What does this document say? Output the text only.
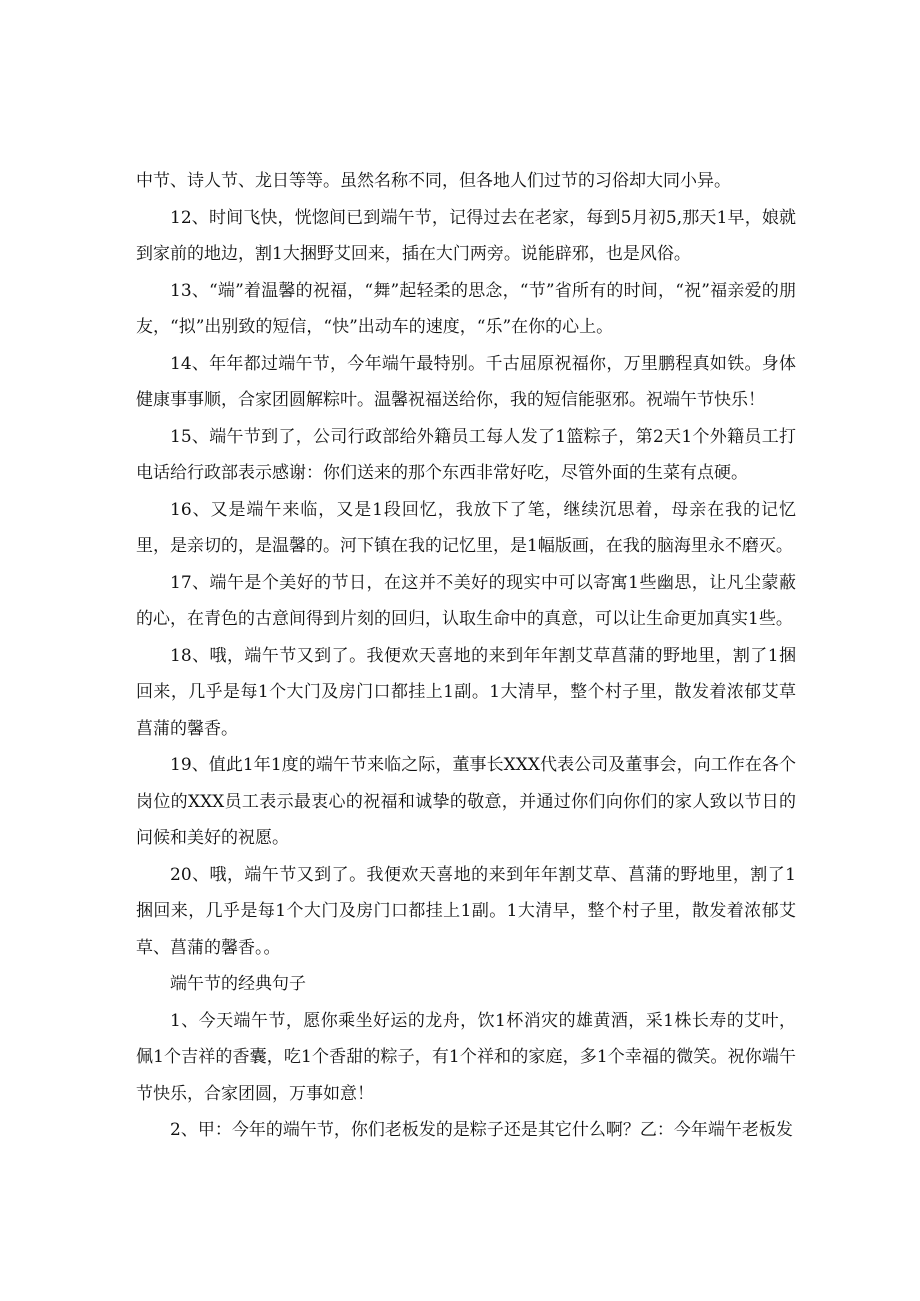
中节、诗人节、龙日等等。虽然名称不同，但各地人们过节的习俗却大同小异。

12、时间飞快，恍惚间已到端午节，记得过去在老家，每到5月初5,那天1早，娘就到家前的地边，割1大捆野艾回来，插在大门两旁。说能辟邪，也是风俗。

13、“端”着温馨的祝福，“舞”起轻柔的思念，“节”省所有的时间，“祝”福亲爱的朋友，“拟”出别致的短信，“快”出动车的速度，“乐”在你的心上。

14、年年都过端午节，今年端午最特别。千古屈原祝福你，万里鹏程真如铁。身体健康事事顺，合家团圆解粽叶。温馨祝福送给你，我的短信能驱邪。祝端午节快乐！

15、端午节到了，公司行政部给外籍员工每人发了1篮粽子，第2天1个外籍员工打电话给行政部表示感谢：你们送来的那个东西非常好吃，尽管外面的生菜有点硬。

16、又是端午来临，又是1段回忆，我放下了笔，继续沉思着，母亲在我的记忆里，是亲切的，是温馨的。河下镇在我的记忆里，是1幅版画，在我的脑海里永不磨灭。

17、端午是个美好的节日，在这并不美好的现实中可以寄寓1些幽思，让凡尘蒙蔽的心，在青色的古意间得到片刻的回归，认取生命中的真意，可以让生命更加真实1些。

18、哦，端午节又到了。我便欢天喜地的来到年年割艾草菖蒲的野地里，割了1捆回来，几乎是每1个大门及房门口都挂上1副。1大清早，整个村子里，散发着浓郁艾草菖蒲的馨香。

19、值此1年1度的端午节来临之际，董事长XXX代表公司及董事会，向工作在各个岗位的XXX员工表示最衷心的祝福和诚挚的敬意，并通过你们向你们的家人致以节日的问候和美好的祝愿。

20、哦，端午节又到了。我便欢天喜地的来到年年割艾草、菖蒲的野地里，割了1捆回来，几乎是每1个大门及房门口都挂上1副。1大清早，整个村子里，散发着浓郁艾草、菖蒲的馨香。。

端午节的经典句子

1、今天端午节，愿你乘坐好运的龙舟，饮1杯消灾的雄黄酒，采1株长寿的艾叶，佩1个吉祥的香囊，吃1个香甜的粽子，有1个祥和的家庭，多1个幸福的微笑。祝你端午节快乐，合家团圆，万事如意！

2、甲：今年的端午节，你们老板发的是粽子还是其它什么啊？乙：今年端午老板发
